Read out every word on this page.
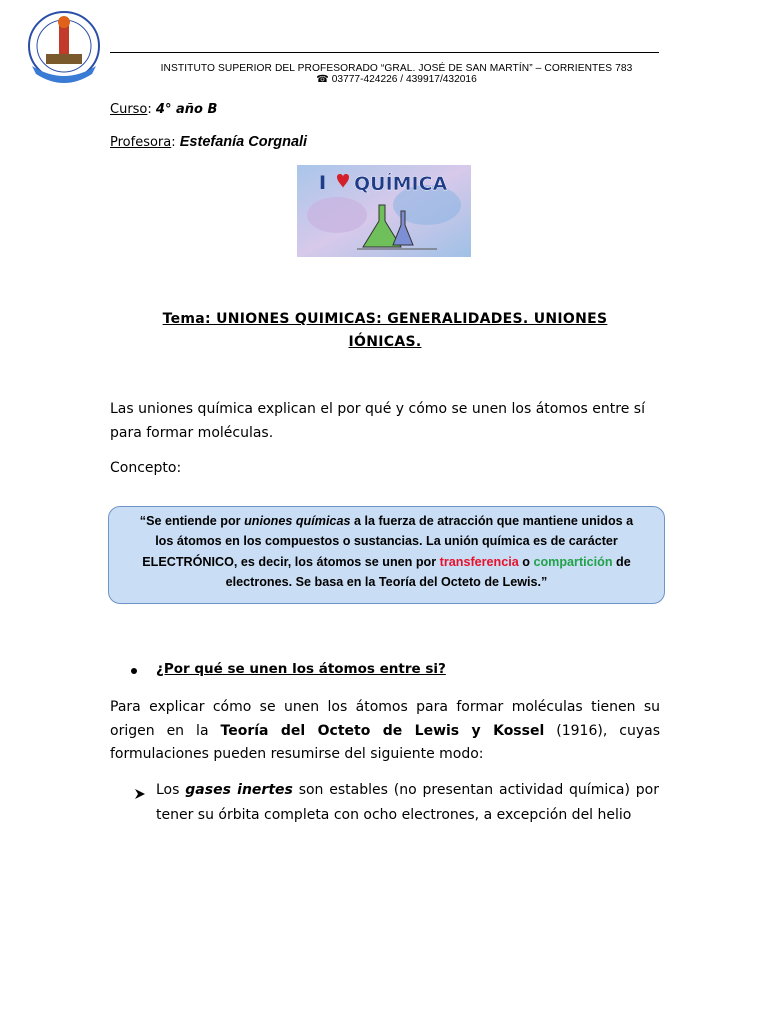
INSTITUTO SUPERIOR DEL PROFESORADO “GRAL. JOSÉ DE SAN MARTÍN” – CORRIENTES 783
☎ 03777-424226 / 439917/432016
Curso: 4° año B
Profesora: Estefanía Corgnali
I QUÍMICA
Tema: UNIONES QUIMICAS: GENERALIDADES. UNIONES
IÓNICAS.
Las uniones química explican el por qué y cómo se unen los átomos entre sí
para formar moléculas.
Concepto:
“Se entiende por uniones químicas a la fuerza de atracción que mantiene unidos a
los átomos en los compuestos o sustancias. La unión química es de carácter
ELECTRÓNICO, es decir, los átomos se unen por transferencia o compartición de
electrones. Se basa en la Teoría del Octeto de Lewis.”
¿Por qué se unen los átomos entre si?
Para explicar cómo se unen los átomos para formar moléculas tienen su origen en la Teoría del Octeto de Lewis y Kossel (1916), cuyas formulaciones pueden resumirse del siguiente modo:
Los gases inertes son estables (no presentan actividad química) por tener su órbita completa con ocho electrones, a excepción del helio
